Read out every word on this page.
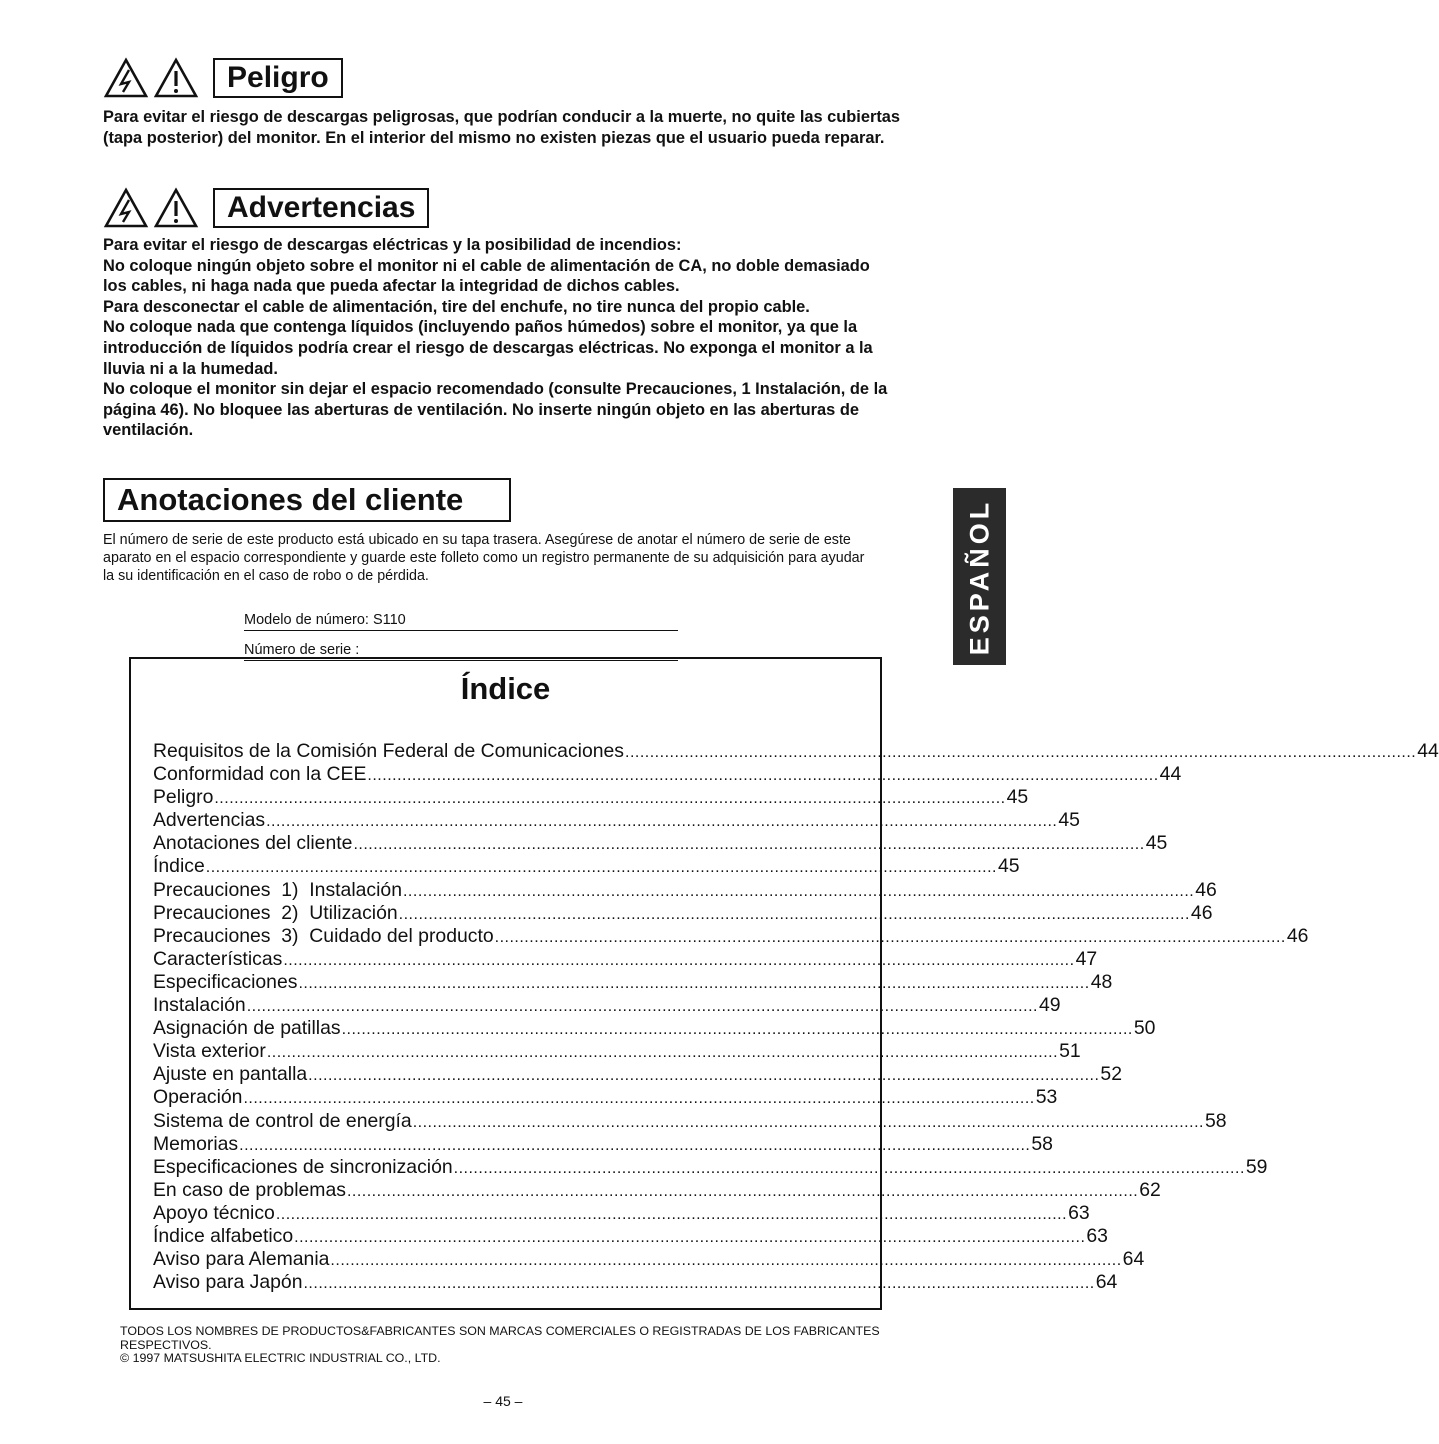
Peligro

Para evitar el riesgo de descargas peligrosas, que podrían conducir a la muerte, no quite las cubiertas (tapa posterior) del monitor. En el interior del mismo no existen piezas que el usuario pueda reparar.

Advertencias

Para evitar el riesgo de descargas eléctricas y la posibilidad de incendios:

No coloque ningún objeto sobre el monitor ni el cable de alimentación de CA, no doble demasiado los cables, ni haga nada que pueda afectar la integridad de dichos cables.

Para desconectar el cable de alimentación, tire del enchufe, no tire nunca del propio cable.

No coloque nada que contenga líquidos (incluyendo paños húmedos) sobre el monitor, ya que la introducción de líquidos podría crear el riesgo de descargas eléctricas. No exponga el monitor a la lluvia ni a la humedad.

No coloque el monitor sin dejar el espacio recomendado (consulte Precauciones, 1 Instalación, de la página 46). No bloquee las aberturas de ventilación. No inserte ningún objeto en las aberturas de ventilación.

Anotaciones del cliente

El número de serie de este producto está ubicado en su tapa trasera. Asegúrese de anotar el número de serie de este aparato en el espacio correspondiente y guarde este folleto como un registro permanente de su adquisición para ayudar la su identificación en el caso de robo o de pérdida.

Modelo de número: S110
Número de serie :
Índice
Requisitos de la Comisión Federal de Comunicaciones ................................................................................................................................................................ 44
Conformidad con la CEE ................................................................................................................................................................ 44
Peligro ................................................................................................................................................................ 45
Advertencias ................................................................................................................................................................ 45
Anotaciones del cliente ................................................................................................................................................................ 45
Índice ................................................................................................................................................................ 45
Precauciones  1)  Instalación ................................................................................................................................................................ 46
Precauciones  2)  Utilización ................................................................................................................................................................ 46
Precauciones  3)  Cuidado del producto ................................................................................................................................................................ 46
Características ................................................................................................................................................................ 47
Especificaciones ................................................................................................................................................................ 48
Instalación ................................................................................................................................................................ 49
Asignación de patillas ................................................................................................................................................................ 50
Vista exterior ................................................................................................................................................................ 51
Ajuste en pantalla ................................................................................................................................................................ 52
Operación ................................................................................................................................................................ 53
Sistema de control de energía ................................................................................................................................................................ 58
Memorias ................................................................................................................................................................ 58
Especificaciones de sincronización ................................................................................................................................................................ 59
En caso de problemas ................................................................................................................................................................ 62
Apoyo técnico ................................................................................................................................................................ 63
Índice alfabetico ................................................................................................................................................................ 63
Aviso para Alemania ................................................................................................................................................................ 64
Aviso para Japón ................................................................................................................................................................ 64
TODOS LOS NOMBRES DE PRODUCTOS&FABRICANTES SON MARCAS COMERCIALES O REGISTRADAS DE LOS FABRICANTES RESPECTIVOS.
© 1997 MATSUSHITA ELECTRIC INDUSTRIAL CO., LTD.
– 45 –
ESPAÑOL
